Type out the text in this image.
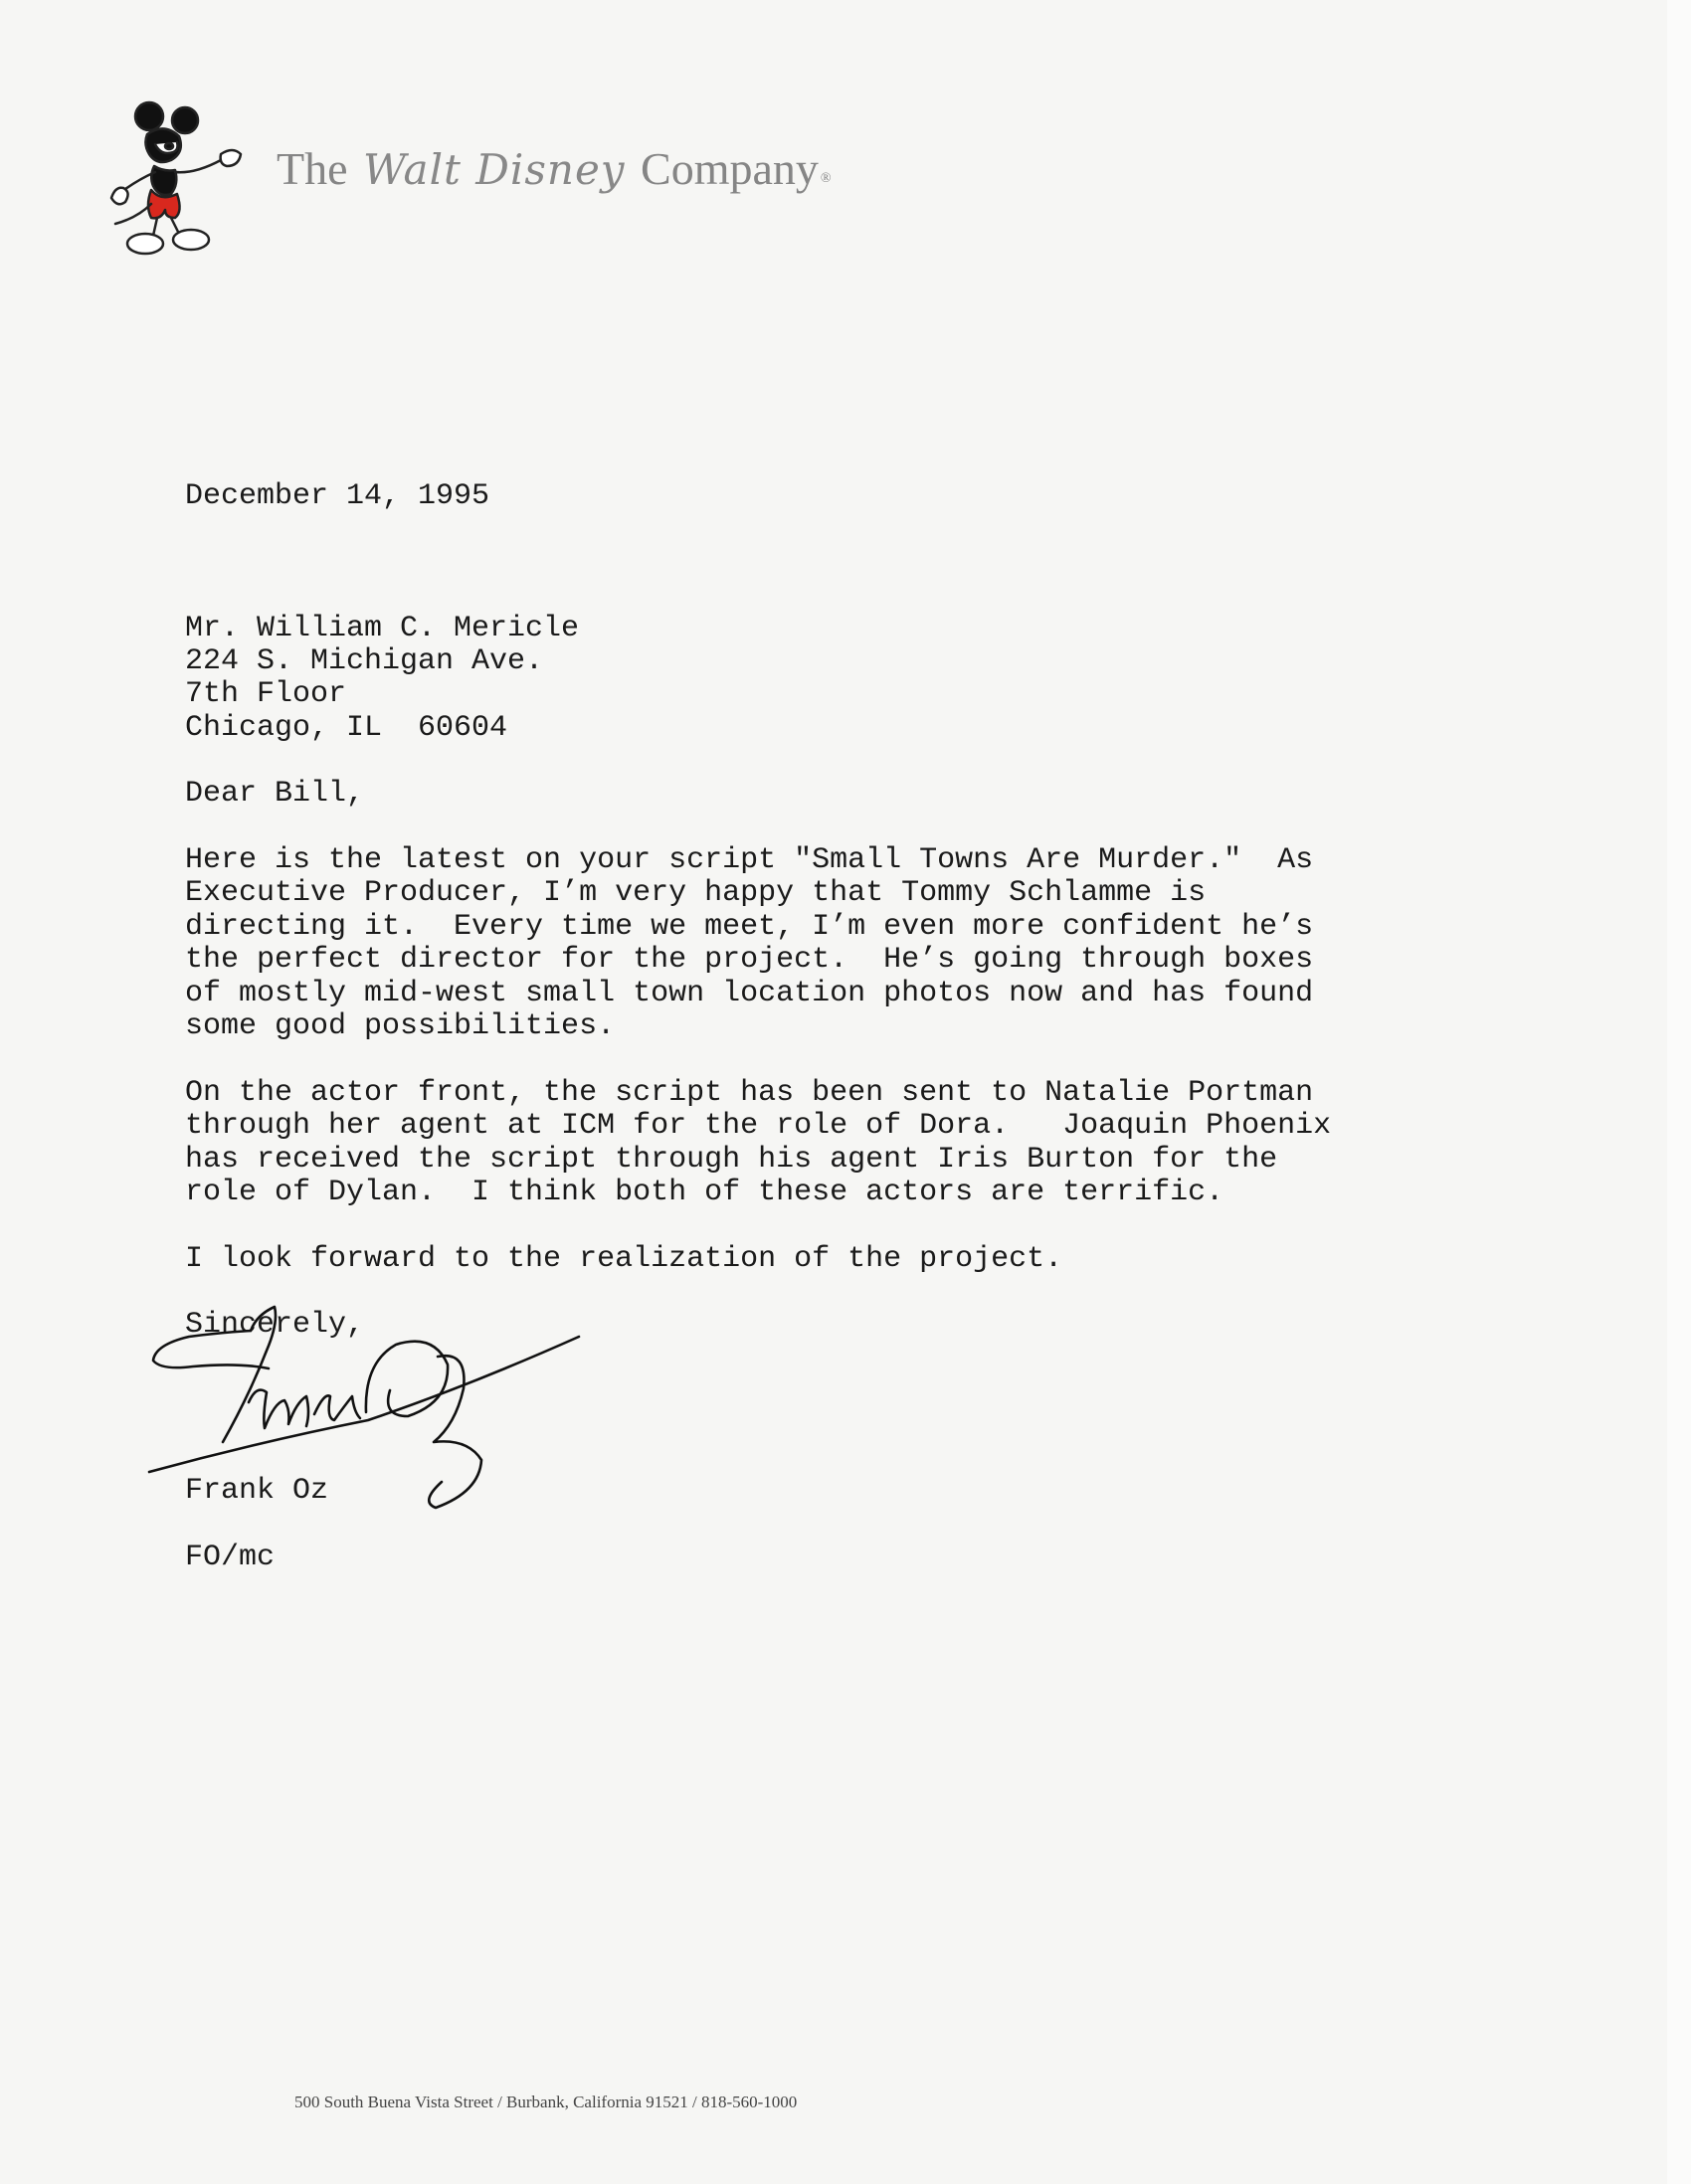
The Walt Disney Company ®
December 14, 1995
Mr. William C. Mericle
224 S. Michigan Ave.
7th Floor
Chicago, IL  60604
Dear Bill,
Here is the latest on your script "Small Towns Are Murder."  As
Executive Producer, I’m very happy that Tommy Schlamme is
directing it.  Every time we meet, I’m even more confident he’s
the perfect director for the project.  He’s going through boxes
of mostly mid-west small town location photos now and has found
some good possibilities.
On the actor front, the script has been sent to Natalie Portman
through her agent at ICM for the role of Dora.   Joaquin Phoenix
has received the script through his agent Iris Burton for the
role of Dylan.  I think both of these actors are terrific.
I look forward to the realization of the project.
Sincerely,
Frank Oz
FO/mc
500 South Buena Vista Street / Burbank, California 91521 / 818-560-1000
